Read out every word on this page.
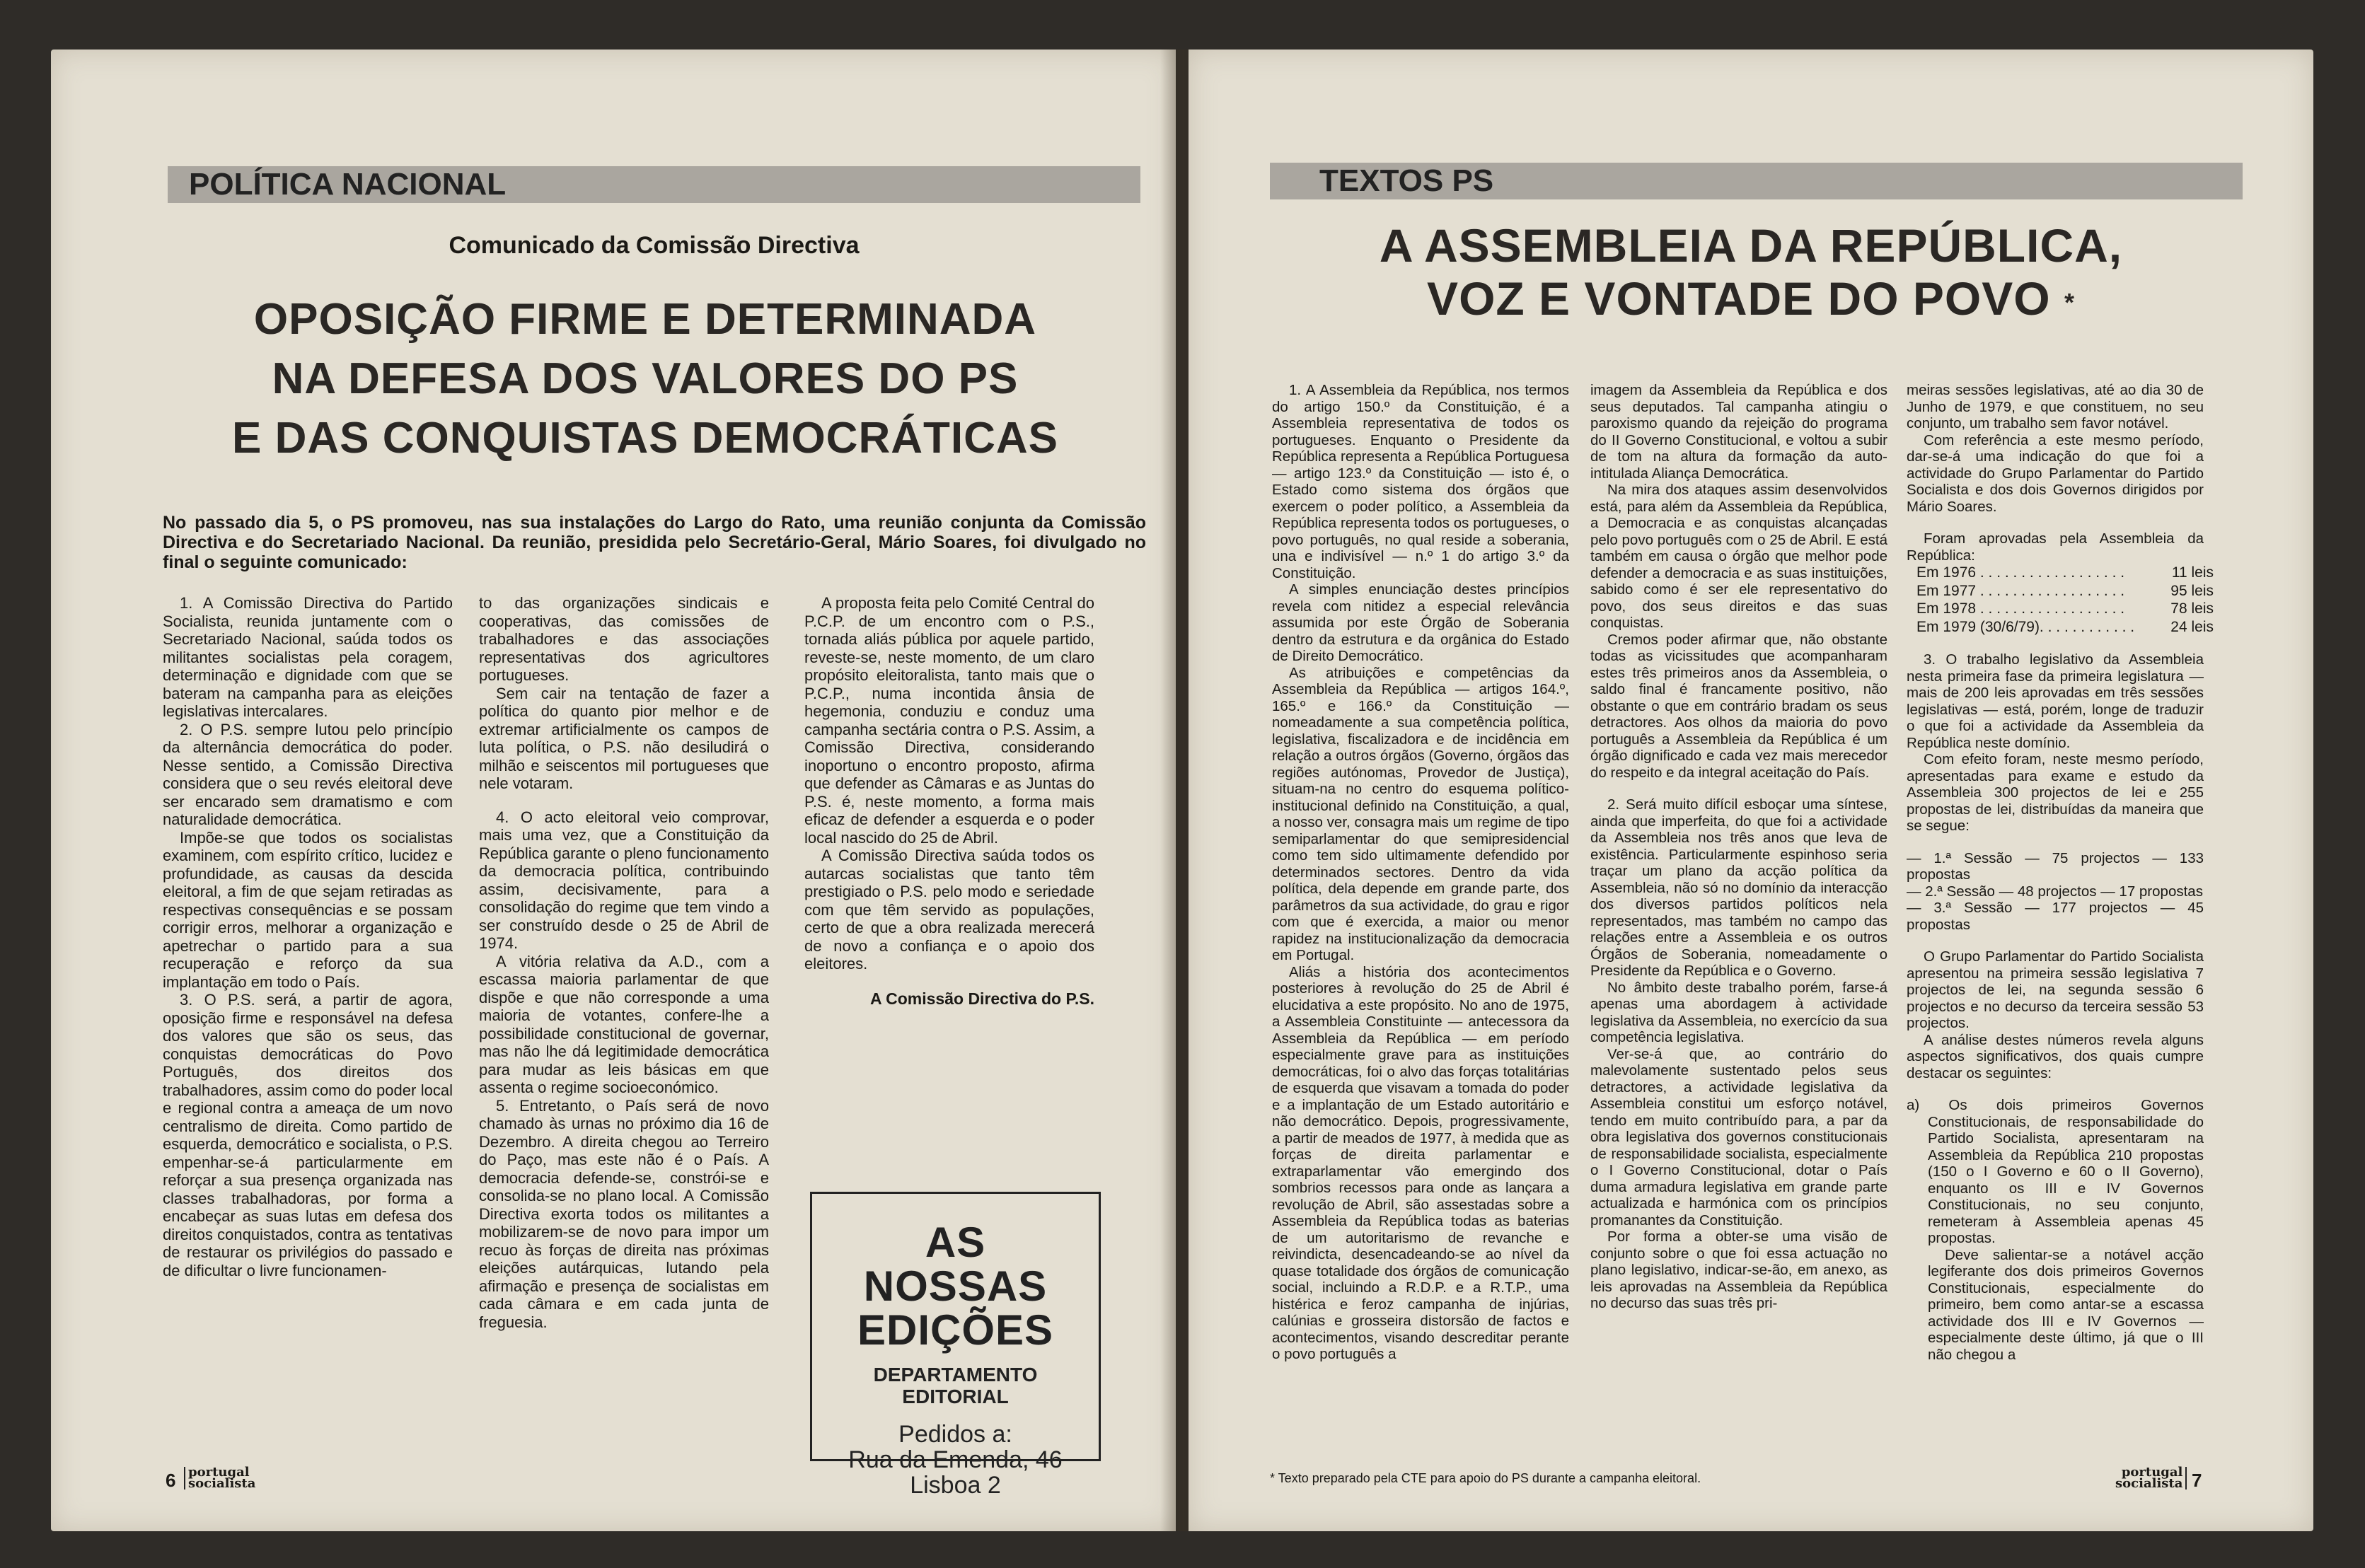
POLÍTICA NACIONAL
Comunicado da Comissão Directiva
OPOSIÇÃO FIRME E DETERMINADA
NA DEFESA DOS VALORES DO PS
E DAS CONQUISTAS DEMOCRÁTICAS
No passado dia 5, o PS promoveu, nas sua instalações do Largo do Rato, uma reunião conjunta da Comissão Directiva e do Secretariado Nacional. Da reunião, presidida pelo Secretário-Geral, Mário Soares, foi divulgado no final o seguinte comunicado:

1. A Comissão Directiva do Partido Socialista, reunida juntamente com o Secretariado Nacional, saúda todos os militantes socialistas pela coragem, determinação e dignidade com que se bateram na campanha para as eleições legislativas intercalares.

2. O P.S. sempre lutou pelo princípio da alternância democrática do poder. Nesse sentido, a Comissão Directiva considera que o seu revés eleitoral deve ser encarado sem dramatismo e com naturalidade democrática.

Impõe-se que todos os socialistas examinem, com espírito crítico, lucidez e profundidade, as causas da descida eleitoral, a fim de que sejam retiradas as respectivas consequências e se possam corrigir erros, melhorar a organização e apetrechar o partido para a sua recuperação e reforço da sua implantação em todo o País.

3. O P.S. será, a partir de agora, oposição firme e responsável na defesa dos valores que são os seus, das conquistas democráticas do Povo Português, dos direitos dos trabalhadores, assim como do poder local e regional contra a ameaça de um novo centralismo de direita. Como partido de esquerda, democrático e socialista, o P.S. empenhar-se-á particularmente em reforçar a sua presença organizada nas classes trabalhadoras, por forma a encabeçar as suas lutas em defesa dos direitos conquistados, contra as tentativas de restaurar os privilégios do passado e de dificultar o livre funcionamen-

to das organizações sindicais e cooperativas, das comissões de trabalhadores e das associações representativas dos agricultores portugueses.

Sem cair na tentação de fazer a política do quanto pior melhor e de extremar artificialmente os campos de luta política, o P.S. não desiludirá o milhão e seiscentos mil portugueses que nele votaram.

4. O acto eleitoral veio comprovar, mais uma vez, que a Constituição da República garante o pleno funcionamento da democracia política, contribuindo assim, decisivamente, para a consolidação do regime que tem vindo a ser construído desde o 25 de Abril de 1974.

A vitória relativa da A.D., com a escassa maioria parlamentar de que dispõe e que não corresponde a uma maioria de votantes, confere-lhe a possibilidade constitucional de governar, mas não lhe dá legitimidade democrática para mudar as leis básicas em que assenta o regime socioeconómico.

5. Entretanto, o País será de novo chamado às urnas no próximo dia 16 de Dezembro. A direita chegou ao Terreiro do Paço, mas este não é o País. A democracia defende-se, constrói-se e consolida-se no plano local. A Comissão Directiva exorta todos os militantes a mobilizarem-se de novo para impor um recuo às forças de direita nas próximas eleições autárquicas, lutando pela afirmação e presença de socialistas em cada câmara e em cada junta de freguesia.

A proposta feita pelo Comité Central do P.C.P. de um encontro com o P.S., tornada aliás pública por aquele partido, reveste-se, neste momento, de um claro propósito eleitoralista, tanto mais que o P.C.P., numa incontida ânsia de hegemonia, conduziu e conduz uma campanha sectária contra o P.S. Assim, a Comissão Directiva, considerando inoportuno o encontro proposto, afirma que defender as Câmaras e as Juntas do P.S. é, neste momento, a forma mais eficaz de defender a esquerda e o poder local nascido do 25 de Abril.

A Comissão Directiva saúda todos os autarcas socialistas que tanto têm prestigiado o P.S. pelo modo e seriedade com que têm servido as populações, certo de que a obra realizada merecerá de novo a confiança e o apoio dos eleitores.

A Comissão Directiva do P.S.

AS
NOSSAS
EDIÇÕES
DEPARTAMENTO
EDITORIAL
Pedidos a:
Rua da Emenda, 46
Lisboa 2
6 portugal
socialista
TEXTOS PS
A ASSEMBLEIA DA REPÚBLICA,
VOZ E VONTADE DO POVO *

1. A Assembleia da República, nos termos do artigo 150.º da Constituição, é a Assembleia representativa de todos os portugueses. Enquanto o Presidente da República representa a República Portuguesa — artigo 123.º da Constituição — isto é, o Estado como sistema dos órgãos que exercem o poder político, a Assembleia da República representa todos os portugueses, o povo português, no qual reside a soberania, una e indivisível — n.º 1 do artigo 3.º da Constituição.

A simples enunciação destes princípios revela com nitidez a especial relevância assumida por este Órgão de Soberania dentro da estrutura e da orgânica do Estado de Direito Democrático.

As atribuições e competências da Assembleia da República — artigos 164.º, 165.º e 166.º da Constituição — nomeadamente a sua competência política, legislativa, fiscalizadora e de incidência em relação a outros órgãos (Governo, órgãos das regiões autónomas, Provedor de Justiça), situam-na no centro do esquema político-institucional definido na Constituição, a qual, a nosso ver, consagra mais um regime de tipo semiparlamentar do que semipresidencial como tem sido ultimamente defendido por determinados sectores. Dentro da vida política, dela depende em grande parte, dos parâmetros da sua actividade, do grau e rigor com que é exercida, a maior ou menor rapidez na institucionalização da democracia em Portugal.

Aliás a história dos acontecimentos posteriores à revolução do 25 de Abril é elucidativa a este propósito. No ano de 1975, a Assembleia Constituinte — antecessora da Assembleia da República — em período especialmente grave para as instituições democráticas, foi o alvo das forças totalitárias de esquerda que visavam a tomada do poder e a implantação de um Estado autoritário e não democrático. Depois, progressivamente, a partir de meados de 1977, à medida que as forças de direita parlamentar e extraparlamentar vão emergindo dos sombrios recessos para onde as lançara a revolução de Abril, são assestadas sobre a Assembleia da República todas as baterias de um autoritarismo de revanche e reivindicta, desencadeando-se ao nível da quase totalidade dos órgãos de comunicação social, incluindo a R.D.P. e a R.T.P., uma histérica e feroz campanha de injúrias, calúnias e grosseira distorsão de factos e acontecimentos, visando descreditar perante o povo português a

imagem da Assembleia da República e dos seus deputados. Tal campanha atingiu o paroxismo quando da rejeição do programa do II Governo Constitucional, e voltou a subir de tom na altura da formação da auto-intitulada Aliança Democrática.

Na mira dos ataques assim desenvolvidos está, para além da Assembleia da República, a Democracia e as conquistas alcançadas pelo povo português com o 25 de Abril. E está também em causa o órgão que melhor pode defender a democracia e as suas instituições, sabido como é ser ele representativo do povo, dos seus direitos e das suas conquistas.

Cremos poder afirmar que, não obstante todas as vicissitudes que acompanharam estes três primeiros anos da Assembleia, o saldo final é francamente positivo, não obstante o que em contrário bradam os seus detractores. Aos olhos da maioria do povo português a Assembleia da República é um órgão dignificado e cada vez mais merecedor do respeito e da integral aceitação do País.

2. Será muito difícil esboçar uma síntese, ainda que imperfeita, do que foi a actividade da Assembleia nos três anos que leva de existência. Particularmente espinhoso seria traçar um plano da acção política da Assembleia, não só no domínio da interacção dos diversos partidos políticos nela representados, mas também no campo das relações entre a Assembleia e os outros Órgãos de Soberania, nomeadamente o Presidente da República e o Governo.

No âmbito deste trabalho porém, farse-á apenas uma abordagem à actividade legislativa da Assembleia, no exercício da sua competência legislativa.

Ver-se-á que, ao contrário do malevolamente sustentado pelos seus detractores, a actividade legislativa da Assembleia constitui um esforço notável, tendo em muito contribuído para, a par da obra legislativa dos governos constitucionais de responsabilidade socialista, especialmente o I Governo Constitucional, dotar o País duma armadura legislativa em grande parte actualizada e harmónica com os princípios promanantes da Constituição.

Por forma a obter-se uma visão de conjunto sobre o que foi essa actuação no plano legislativo, indicar-se-ão, em anexo, as leis aprovadas na Assembleia da República no decurso das suas três pri-

meiras sessões legislativas, até ao dia 30 de Junho de 1979, e que constituem, no seu conjunto, um trabalho sem favor notável.

Com referência a este mesmo período, dar-se-á uma indicação do que foi a actividade do Grupo Parlamentar do Partido Socialista e dos dois Governos dirigidos por Mário Soares.

Foram aprovadas pela Assembleia da República:

Em 1976 . . . . . . . . . . . . . . . . . .	11 leis
Em 1977 . . . . . . . . . . . . . . . . . .	95 leis
Em 1978 . . . . . . . . . . . . . . . . . .	78 leis
Em 1979 (30/6/79). . . . . . . . . . . .	24 leis

3. O trabalho legislativo da Assembleia nesta primeira fase da primeira legislatura — mais de 200 leis aprovadas em três sessões legislativas — está, porém, longe de traduzir o que foi a actividade da Assembleia da República neste domínio.

Com efeito foram, neste mesmo período, apresentadas para exame e estudo da Assembleia 300 projectos de lei e 255 propostas de lei, distribuídas da maneira que se segue:

— 1.ª Sessão — 75 projectos — 133 propostas

— 2.ª Sessão — 48 projectos — 17 propostas

— 3.ª Sessão — 177 projectos — 45 propostas

O Grupo Parlamentar do Partido Socialista apresentou na primeira sessão legislativa 7 projectos de lei, na segunda sessão 6 projectos e no decurso da terceira sessão 53 projectos.

A análise destes números revela alguns aspectos significativos, dos quais cumpre destacar os seguintes:

a) Os dois primeiros Governos Constitucionais, de responsabilidade do Partido Socialista, apresentaram na Assembleia da República 210 propostas (150 o I Governo e 60 o II Governo), enquanto os III e IV Governos Constitucionais, no seu conjunto, remeteram à Assembleia apenas 45 propostas.

Deve salientar-se a notável acção legiferante dos dois primeiros Governos Constitucionais, especialmente do primeiro, bem como antar-se a escassa actividade dos III e IV Governos — especialmente deste último, já que o III não chegou a

* Texto preparado pela CTE para apoio do PS durante a campanha eleitoral.	portugal
socialista 7
